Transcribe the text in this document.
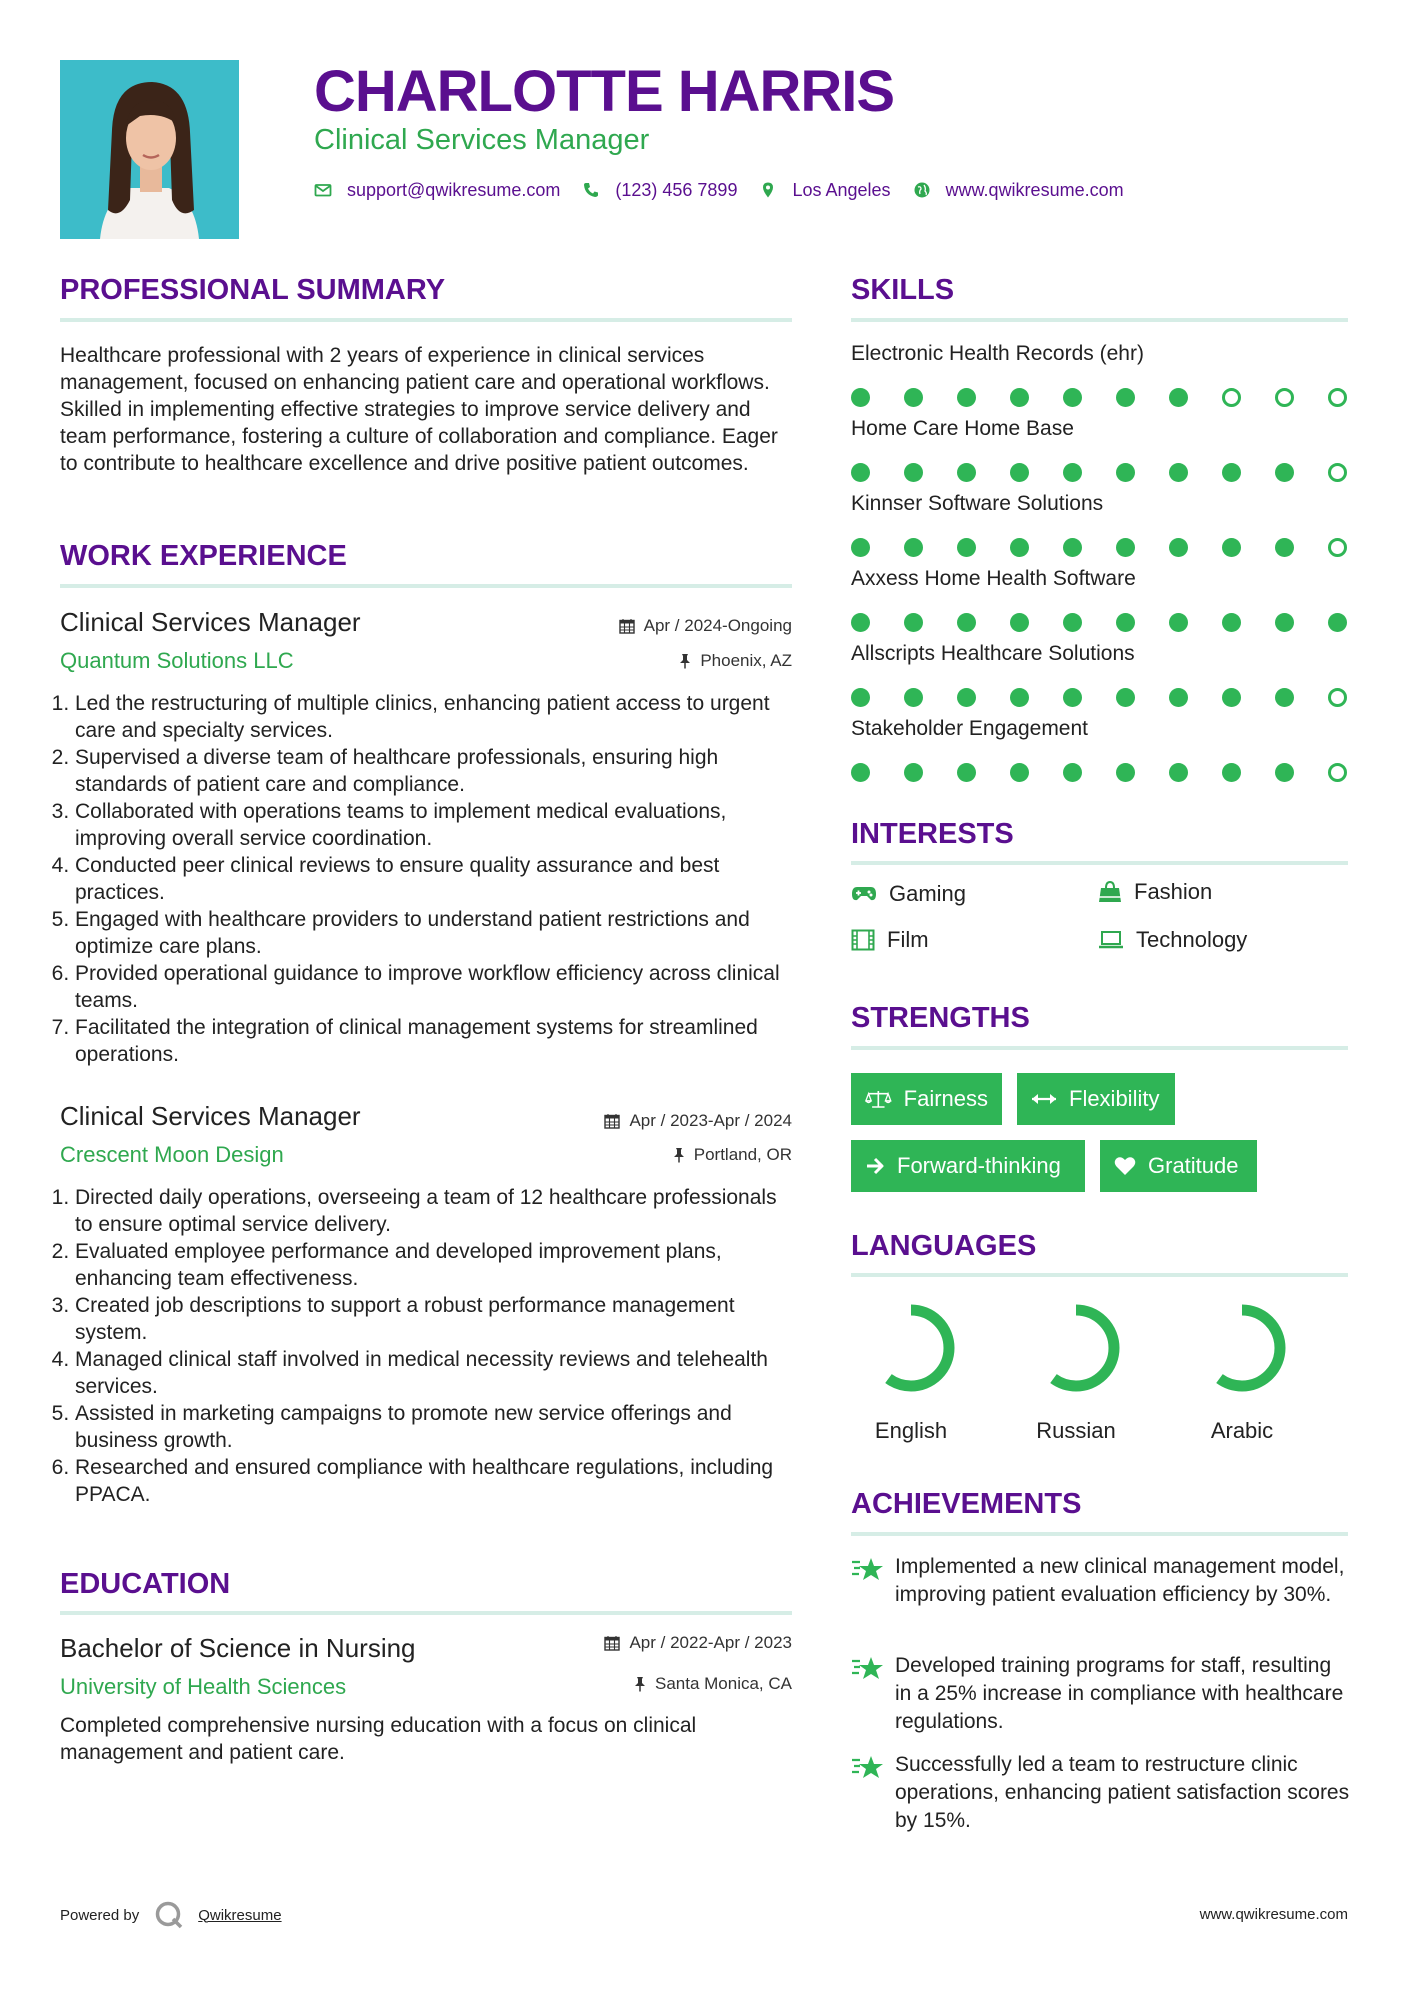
CHARLOTTE HARRIS
Clinical Services Manager
support@qwikresume.com	(123) 456 7899	Los Angeles	www.qwikresume.com
PROFESSIONAL SUMMARY
Healthcare professional with 2 years of experience in clinical services management, focused on enhancing patient care and operational workflows. Skilled in implementing effective strategies to improve service delivery and team performance, fostering a culture of collaboration and compliance. Eager to contribute to healthcare excellence and drive positive patient outcomes.
WORK EXPERIENCE
Clinical Services Manager	Apr / 2024-Ongoing
Quantum Solutions LLC	Phoenix, AZ
1. Led the restructuring of multiple clinics, enhancing patient access to urgent care and specialty services.
2. Supervised a diverse team of healthcare professionals, ensuring high standards of patient care and compliance.
3. Collaborated with operations teams to implement medical evaluations, improving overall service coordination.
4. Conducted peer clinical reviews to ensure quality assurance and best practices.
5. Engaged with healthcare providers to understand patient restrictions and optimize care plans.
6. Provided operational guidance to improve workflow efficiency across clinical teams.
7. Facilitated the integration of clinical management systems for streamlined operations.
Clinical Services Manager	Apr / 2023-Apr / 2024
Crescent Moon Design	Portland, OR
1. Directed daily operations, overseeing a team of 12 healthcare professionals to ensure optimal service delivery.
2. Evaluated employee performance and developed improvement plans, enhancing team effectiveness.
3. Created job descriptions to support a robust performance management system.
4. Managed clinical staff involved in medical necessity reviews and telehealth services.
5. Assisted in marketing campaigns to promote new service offerings and business growth.
6. Researched and ensured compliance with healthcare regulations, including PPACA.
EDUCATION
Bachelor of Science in Nursing	Apr / 2022-Apr / 2023
University of Health Sciences	Santa Monica, CA
Completed comprehensive nursing education with a focus on clinical management and patient care.
SKILLS
Electronic Health Records (ehr)
Home Care Home Base
Kinnser Software Solutions
Axxess Home Health Software
Allscripts Healthcare Solutions
Stakeholder Engagement
INTERESTS
Gaming	Fashion
Film	Technology
STRENGTHS
Fairness	Flexibility
Forward-thinking	Gratitude
LANGUAGES
English	Russian	Arabic
ACHIEVEMENTS
Implemented a new clinical management model, improving patient evaluation efficiency by 30%.
Developed training programs for staff, resulting in a 25% increase in compliance with healthcare regulations.
Successfully led a team to restructure clinic operations, enhancing patient satisfaction scores by 15%.
Powered by	Qwikresume	www.qwikresume.com
